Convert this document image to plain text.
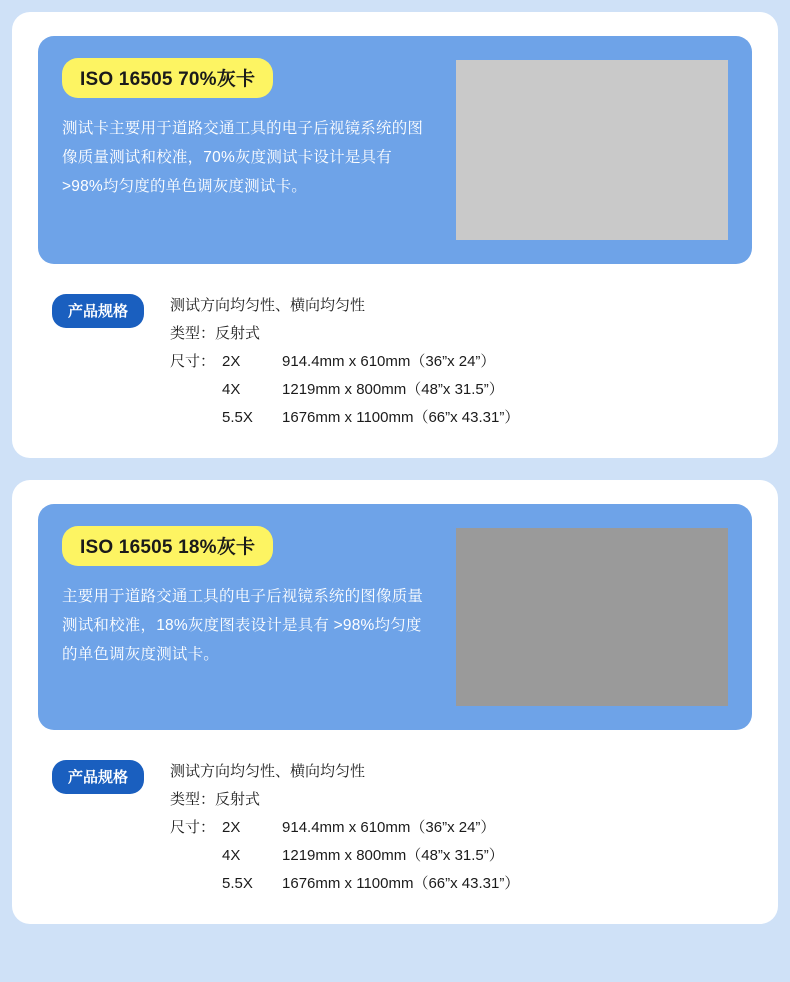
ISO 16505 70%灰卡
测试卡主要用于道路交通工具的电子后视镜系统的图像质量测试和校准，70%灰度测试卡设计是具有 >98%均匀度的单色调灰度测试卡。
产品规格	测试方向均匀性、横向均匀性
类型：反射式
尺寸： 2X	914.4mm x 610mm（36”x 24”）
4X	1219mm x 800mm（48”x 31.5”）
5.5X	1676mm x 1100mm（66”x 43.31”）
ISO 16505 18%灰卡
主要用于道路交通工具的电子后视镜系统的图像质量测试和校准，18%灰度图表设计是具有 >98%均匀度的单色调灰度测试卡。
产品规格	测试方向均匀性、横向均匀性
类型：反射式
尺寸： 2X	914.4mm x 610mm（36”x 24”）
4X	1219mm x 800mm（48”x 31.5”）
5.5X	1676mm x 1100mm（66”x 43.31”）
